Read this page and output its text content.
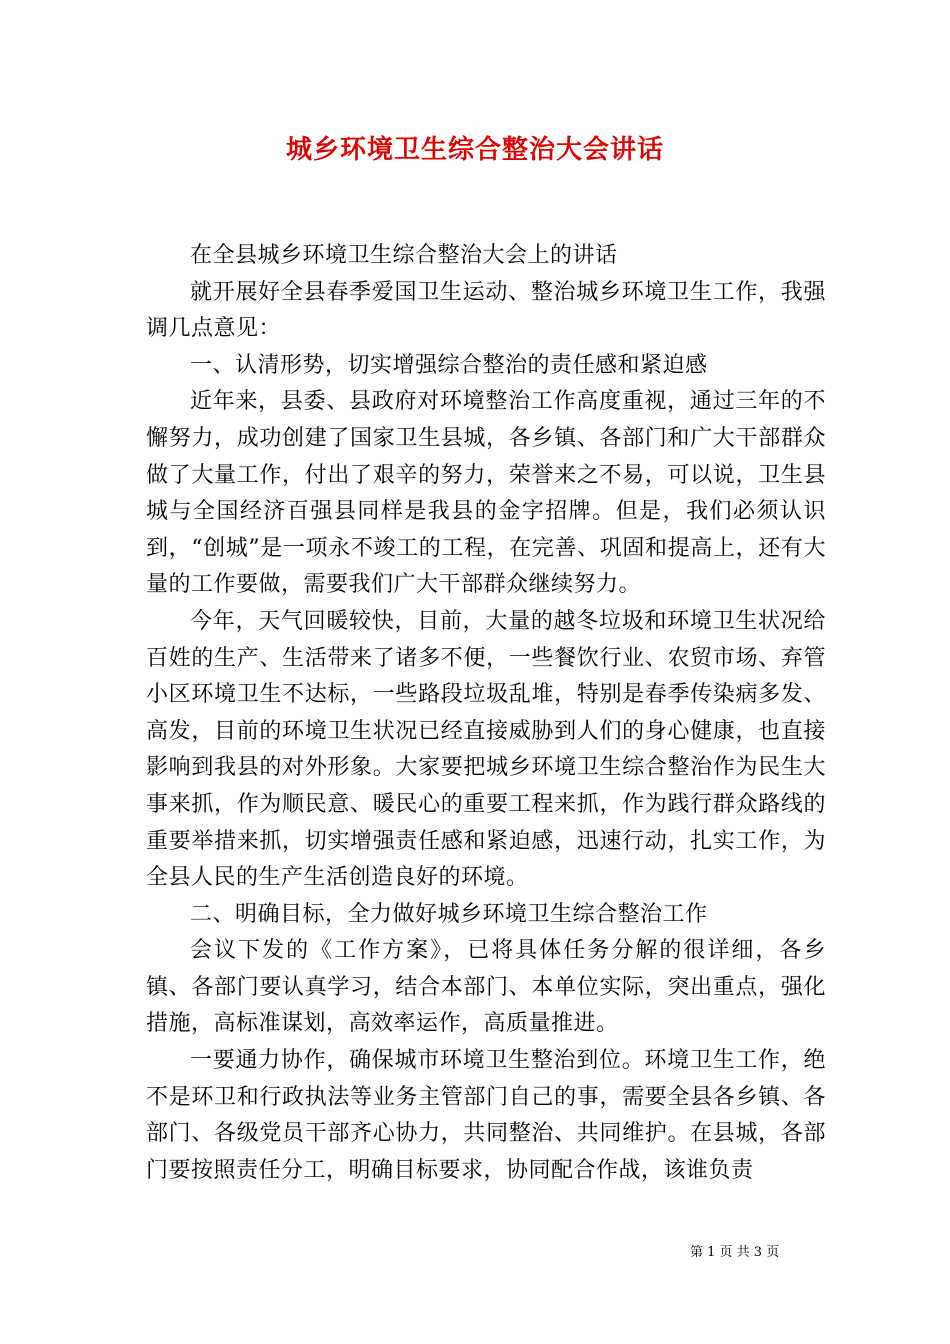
城乡环境卫生综合整治大会讲话

在全县城乡环境卫生综合整治大会上的讲话

就开展好全县春季爱国卫生运动、整治城乡环境卫生工作，我强调几点意见：

一、认清形势，切实增强综合整治的责任感和紧迫感

近年来，县委、县政府对环境整治工作高度重视，通过三年的不懈努力，成功创建了国家卫生县城，各乡镇、各部门和广大干部群众做了大量工作，付出了艰辛的努力，荣誉来之不易，可以说，卫生县城与全国经济百强县同样是我县的金字招牌。但是，我们必须认识到，“创城”是一项永不竣工的工程，在完善、巩固和提高上，还有大量的工作要做，需要我们广大干部群众继续努力。

今年，天气回暖较快，目前，大量的越冬垃圾和环境卫生状况给百姓的生产、生活带来了诸多不便，一些餐饮行业、农贸市场、弃管小区环境卫生不达标，一些路段垃圾乱堆，特别是春季传染病多发、高发，目前的环境卫生状况已经直接威胁到人们的身心健康，也直接影响到我县的对外形象。大家要把城乡环境卫生综合整治作为民生大事来抓，作为顺民意、暖民心的重要工程来抓，作为践行群众路线的重要举措来抓，切实增强责任感和紧迫感，迅速行动，扎实工作，为全县人民的生产生活创造良好的环境。

二、明确目标，全力做好城乡环境卫生综合整治工作

会议下发的《工作方案》，已将具体任务分解的很详细，各乡镇、各部门要认真学习，结合本部门、本单位实际，突出重点，强化措施，高标准谋划，高效率运作，高质量推进。

一要通力协作，确保城市环境卫生整治到位。环境卫生工作，绝不是环卫和行政执法等业务主管部门自己的事，需要全县各乡镇、各部门、各级党员干部齐心协力，共同整治、共同维护。在县城，各部门要按照责任分工，明确目标要求，协同配合作战，该谁负责

第 1 页 共 3 页
